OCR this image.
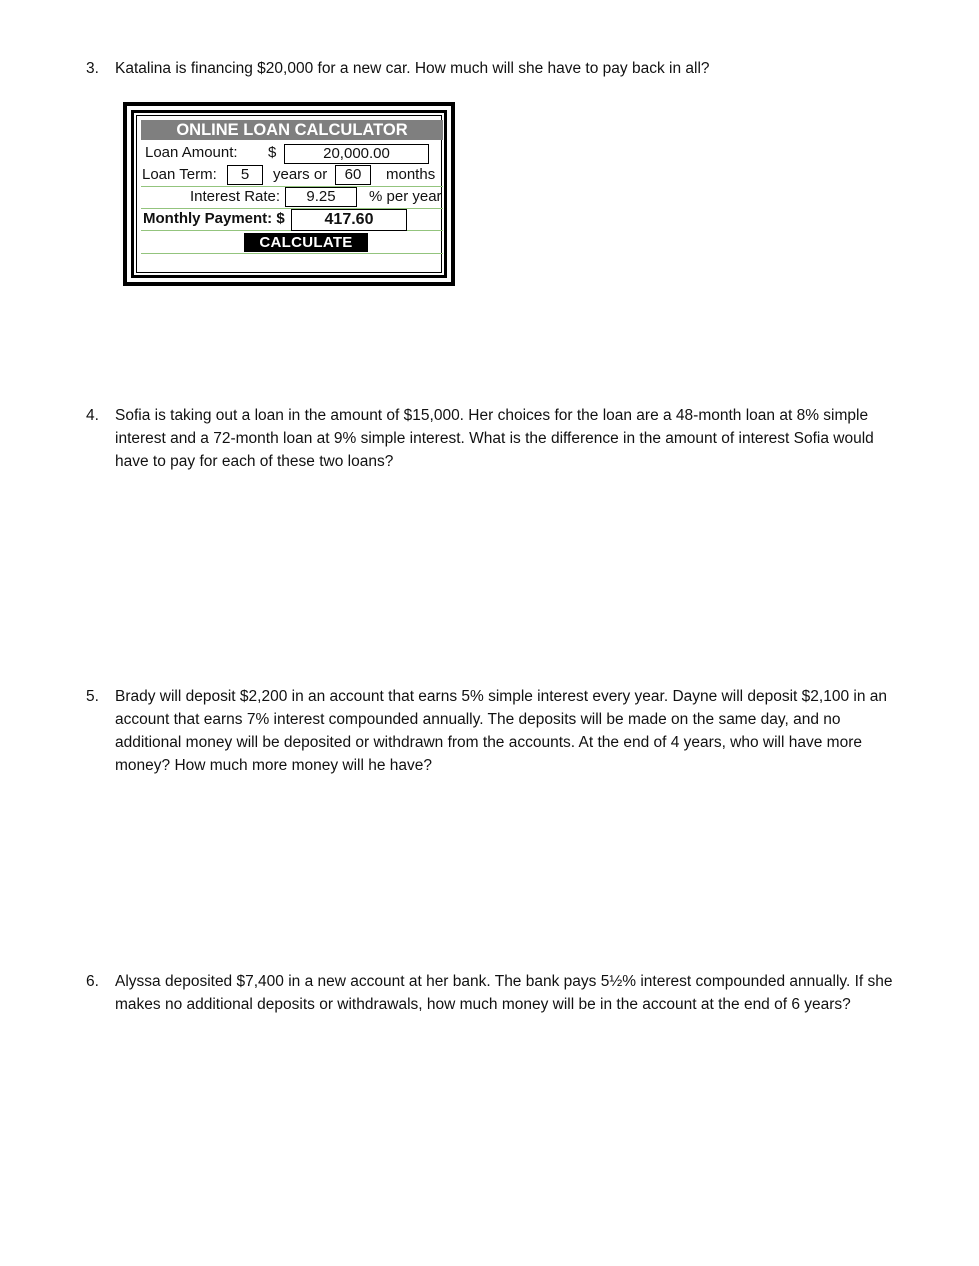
3.	Katalina is financing $20,000 for a new car. How much will she have to pay back in all?
ONLINE LOAN CALCULATOR
Loan Amount: $	20,000.00
Loan Term:	5	years or	60	months
Interest Rate:	9.25	% per year
Monthly Payment: $	417.60
CALCULATE
4.	Sofia is taking out a loan in the amount of $15,000. Her choices for the loan are a 48-month loan at 8% simple interest and a 72-month loan at 9% simple interest. What is the difference in the amount of interest Sofia would have to pay for each of these two loans?
5.	Brady will deposit $2,200 in an account that earns 5% simple interest every year. Dayne will deposit $2,100 in an account that earns 7% interest compounded annually. The deposits will be made on the same day, and no additional money will be deposited or withdrawn from the accounts. At the end of 4 years, who will have more money? How much more money will he have?
6.	Alyssa deposited $7,400 in a new account at her bank. The bank pays 5½% interest compounded annually. If she makes no additional deposits or withdrawals, how much money will be in the account at the end of 6 years?
